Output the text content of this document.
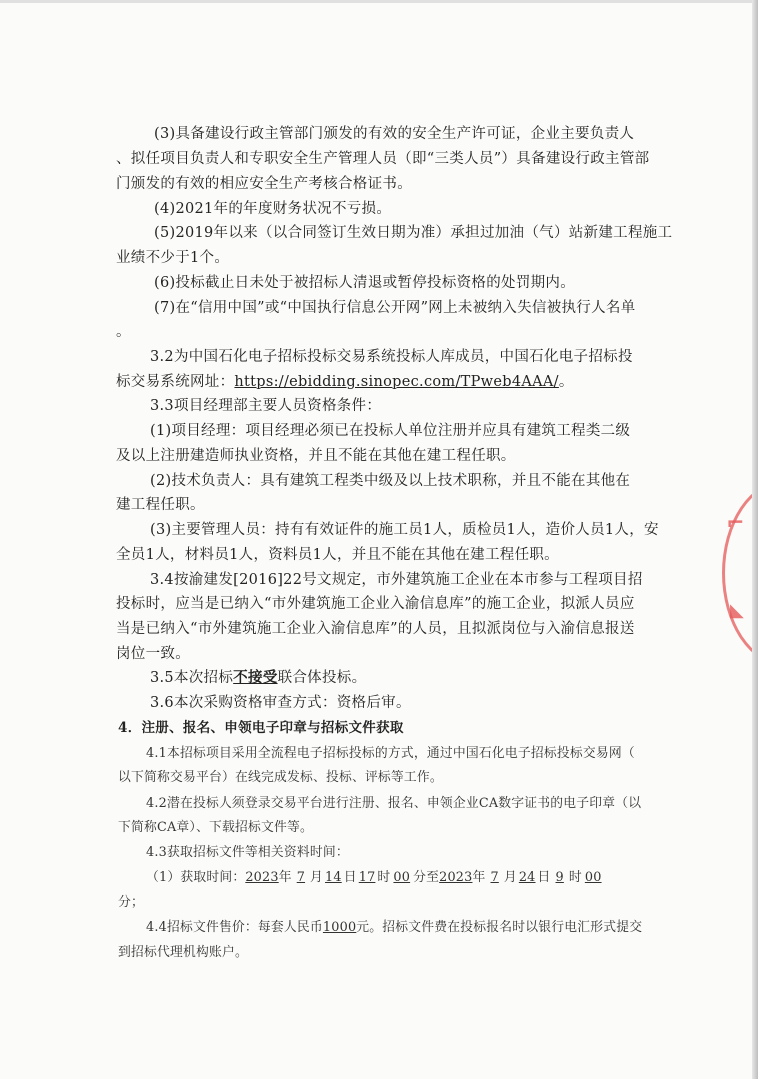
(3)具备建设行政主管部门颁发的有效的安全生产许可证，企业主要负责人
、拟任项目负责人和专职安全生产管理人员（即“三类人员”）具备建设行政主管部
门颁发的有效的相应安全生产考核合格证书。
(4)2021年的年度财务状况不亏损。
(5)2019年以来（以合同签订生效日期为准）承担过加油（气）站新建工程施工
业绩不少于1个。
(6)投标截止日未处于被招标人清退或暂停投标资格的处罚期内。
(7)在“信用中国”或“中国执行信息公开网”网上未被纳入失信被执行人名单
。
3.2为中国石化电子招标投标交易系统投标人库成员，中国石化电子招标投
标交易系统网址：https://ebidding.sinopec.com/TPweb4AAA/。
3.3项目经理部主要人员资格条件：
(1)项目经理：项目经理必须已在投标人单位注册并应具有建筑工程类二级
及以上注册建造师执业资格，并且不能在其他在建工程任职。
(2)技术负责人：具有建筑工程类中级及以上技术职称，并且不能在其他在
建工程任职。
(3)主要管理人员：持有有效证件的施工员1人，质检员1人，造价人员1人，安
全员1人，材料员1人，资料员1人，并且不能在其他在建工程任职。
3.4按渝建发[2016]22号文规定，市外建筑施工企业在本市参与工程项目招
投标时，应当是已纳入“市外建筑施工企业入渝信息库”的施工企业，拟派人员应
当是已纳入“市外建筑施工企业入渝信息库”的人员，且拟派岗位与入渝信息报送
岗位一致。
3.5本次招标不接受联合体投标。
3.6本次采购资格审查方式：资格后审。
4．注册、报名、申领电子印章与招标文件获取
4.1本招标项目采用全流程电子招标投标的方式，通过中国石化电子招标投标交易网（
以下简称交易平台）在线完成发标、投标、评标等工作。
4.2潜在投标人须登录交易平台进行注册、报名、申领企业CA数字证书的电子印章（以
下简称CA章）、下载招标文件等。
4.3获取招标文件等相关资料时间：
（1）获取时间：2023年 7 月 14 日 17 时 00 分至2023年 7 月 24 日 9 时 00
分；
4.4招标文件售价：每套人民币1000元。招标文件费在投标报名时以银行电汇形式提交
到招标代理机构账户。
⌐
◣
